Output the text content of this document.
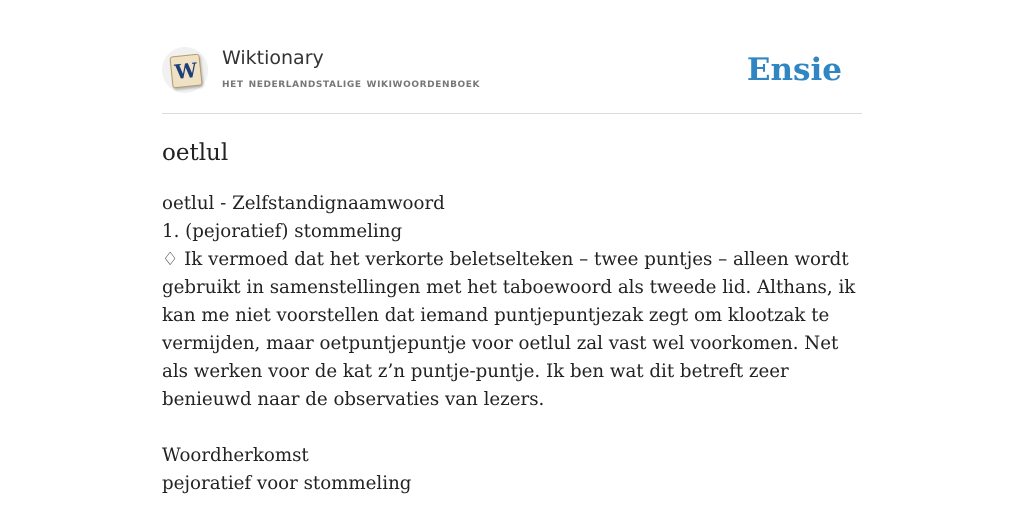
W Wiktionary
het nederlandstalige wikiwoordenboek	Ensie
oetlul

oetlul - Zelfstandignaamwoord

1. (pejoratief) stommeling

♢ Ik vermoed dat het verkorte beletselteken – twee puntjes – alleen wordt gebruikt in samenstellingen met het taboewoord als tweede lid. Althans, ik kan me niet voorstellen dat iemand puntjepuntjezak zegt om klootzak te vermijden, maar oetpuntjepuntje voor oetlul zal vast wel voorkomen. Net als werken voor de kat z’n puntje-puntje. Ik ben wat dit betreft zeer benieuwd naar de observaties van lezers.

Woordherkomst

pejoratief voor stommeling
